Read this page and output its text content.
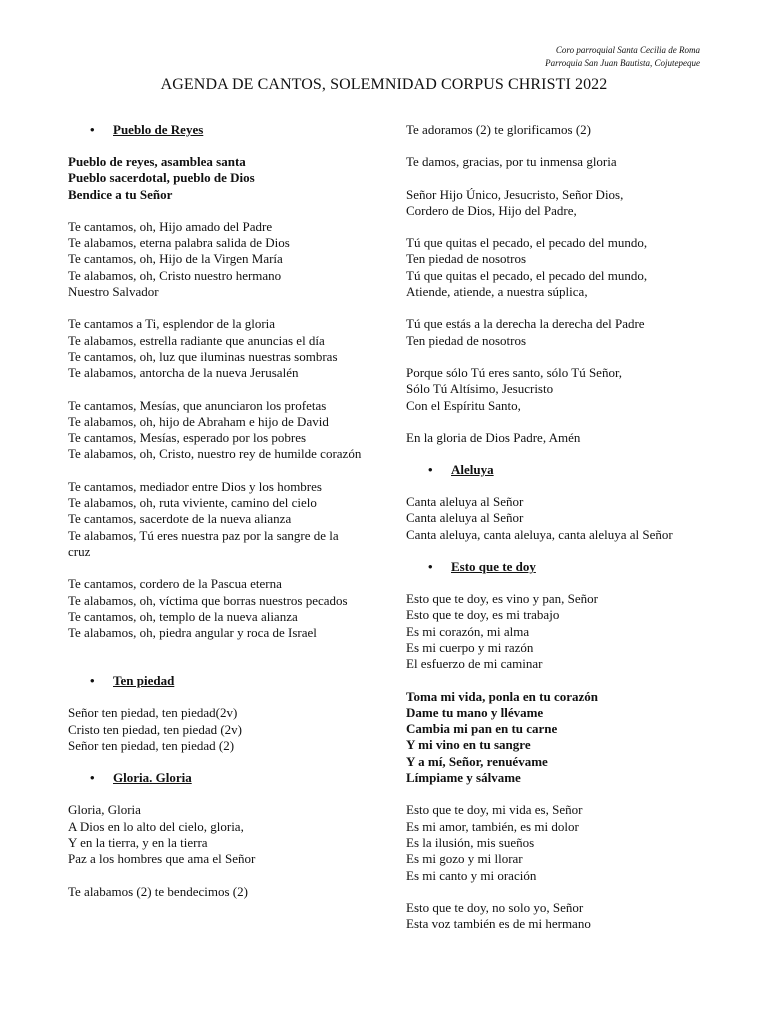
Coro parroquial Santa Cecilia de Roma
Parroquia San Juan Bautista, Cojutepeque
AGENDA DE CANTOS, SOLEMNIDAD CORPUS CHRISTI 2022
• Pueblo de Reyes
Pueblo de reyes, asamblea santa
Pueblo sacerdotal, pueblo de Dios
Bendice a tu Señor
Te cantamos, oh, Hijo amado del Padre
Te alabamos, eterna palabra salida de Dios
Te cantamos, oh, Hijo de la Virgen María
Te alabamos, oh, Cristo nuestro hermano
Nuestro Salvador
Te cantamos a Ti, esplendor de la gloria
Te alabamos, estrella radiante que anuncias el día
Te cantamos, oh, luz que iluminas nuestras sombras
Te alabamos, antorcha de la nueva Jerusalén
Te cantamos, Mesías, que anunciaron los profetas
Te alabamos, oh, hijo de Abraham e hijo de David
Te cantamos, Mesías, esperado por los pobres
Te alabamos, oh, Cristo, nuestro rey de humilde corazón
Te cantamos, mediador entre Dios y los hombres
Te alabamos, oh, ruta viviente, camino del cielo
Te cantamos, sacerdote de la nueva alianza
Te alabamos, Tú eres nuestra paz por la sangre de la cruz
Te cantamos, cordero de la Pascua eterna
Te alabamos, oh, víctima que borras nuestros pecados
Te cantamos, oh, templo de la nueva alianza
Te alabamos, oh, piedra angular y roca de Israel
• Ten piedad
Señor ten piedad, ten piedad(2v)
Cristo ten piedad, ten piedad (2v)
Señor ten piedad, ten piedad (2)
• Gloria. Gloria
Gloria, Gloria
A Dios en lo alto del cielo, gloria,
Y en la tierra, y en la tierra
Paz a los hombres que ama el Señor
Te alabamos (2) te bendecimos (2)
Te adoramos (2) te glorificamos (2)
Te damos, gracias, por tu inmensa gloria
Señor Hijo Único, Jesucristo, Señor Dios,
Cordero de Dios, Hijo del Padre,
Tú que quitas el pecado, el pecado del mundo,
Ten piedad de nosotros
Tú que quitas el pecado, el pecado del mundo,
Atiende, atiende, a nuestra súplica,
Tú que estás a la derecha la derecha del Padre
Ten piedad de nosotros
Porque sólo Tú eres santo, sólo Tú Señor,
Sólo Tú Altísimo, Jesucristo
Con el Espíritu Santo,
En la gloria de Dios Padre, Amén
• Aleluya
Canta aleluya al Señor
Canta aleluya al Señor
Canta aleluya, canta aleluya, canta aleluya al Señor
• Esto que te doy
Esto que te doy, es vino y pan, Señor
Esto que te doy, es mi trabajo
Es mi corazón, mi alma
Es mi cuerpo y mi razón
El esfuerzo de mi caminar
Toma mi vida, ponla en tu corazón
Dame tu mano y llévame
Cambia mi pan en tu carne
Y mi vino en tu sangre
Y a mí, Señor, renuévame
Límpiame y sálvame
Esto que te doy, mi vida es, Señor
Es mi amor, también, es mi dolor
Es la ilusión, mis sueños
Es mi gozo y mi llorar
Es mi canto y mi oración
Esto que te doy, no solo yo, Señor
Esta voz también es de mi hermano
